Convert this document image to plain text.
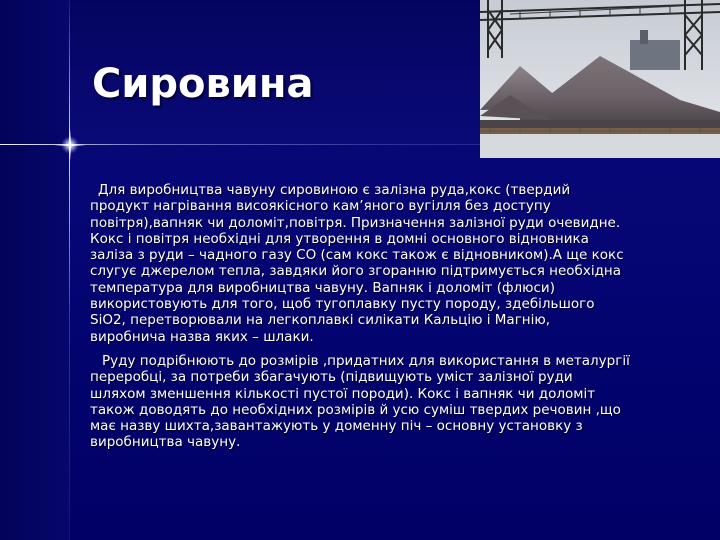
Сировина

Для виробництва чавуну сировиною є залізна руда,кокс (твердий продукт нагрівання висоякісного кам’яного вугілля без доступу повітря),вапняк чи доломіт,повітря. Призначення залізної руди очевидне. Кокс і повітря необхідні для утворення в домні основного відновника заліза з руди – чадного газу CO (сам кокс також є відновником).А ще кокс слугує джерелом тепла, завдяки його згоранню підтримується необхідна температура для виробництва чавуну. Вапняк і доломіт (флюси) використовують для того, щоб тугоплавку пусту породу, здебільшого SiO2, перетворювали на легкоплавкі силікати Кальцію і Магнію, виробнича назва яких – шлаки.

Руду подрібнюють до розмірів ,придатних для використання в металургії переробці, за потреби збагачують (підвищують уміст залізної руди шляхом зменшення кількості пустої породи). Кокс і вапняк чи доломіт також доводять до необхідних розмірів й усю суміш твердих речовин ,що має назву шихта,завантажують у доменну піч – основну установку з виробництва чавуну.
